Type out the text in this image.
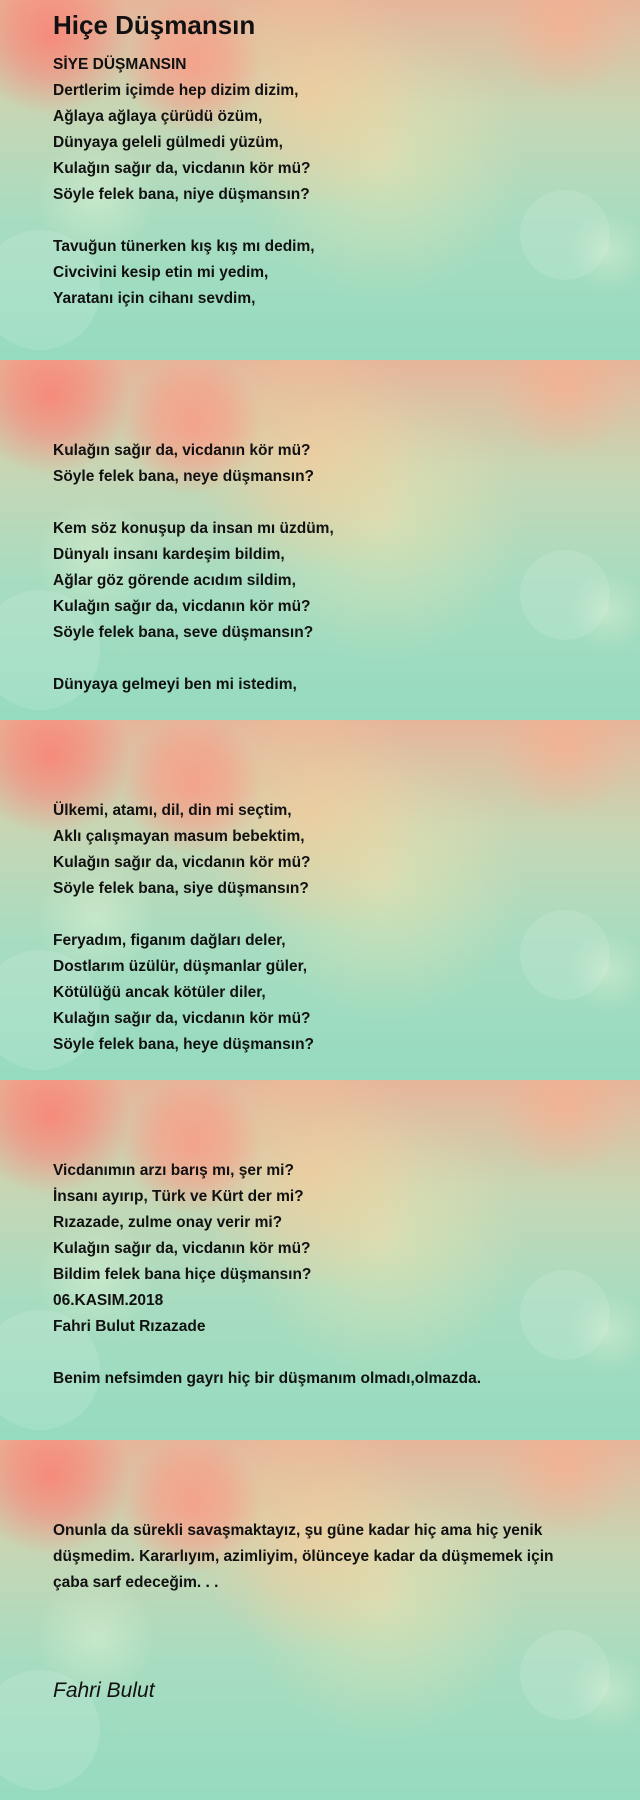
Hiçe Düşmansın
SİYE DÜŞMANSIN
Dertlerim içimde hep dizim dizim,
Ağlaya ağlaya çürüdü özüm,
Dünyaya geleli gülmedi yüzüm,
Kulağın sağır da, vicdanın kör mü?
Söyle felek bana, niye düşmansın?
Tavuğun tünerken kış kış mı dedim,
Civcivini kesip etin mi yedim,
Yaratanı için cihanı sevdim,
Kulağın sağır da, vicdanın kör mü?
Söyle felek bana, neye düşmansın?
Kem söz konuşup da insan mı üzdüm,
Dünyalı insanı kardeşim bildim,
Ağlar göz görende acıdım sildim,
Kulağın sağır da, vicdanın kör mü?
Söyle felek bana, seve düşmansın?
Dünyaya gelmeyi ben mi istedim,
Ülkemi, atamı, dil, din mi seçtim,
Aklı çalışmayan masum bebektim,
Kulağın sağır da, vicdanın kör mü?
Söyle felek bana, siye düşmansın?
Feryadım, figanım dağları deler,
Dostlarım üzülür, düşmanlar güler,
Kötülüğü ancak kötüler diler,
Kulağın sağır da, vicdanın kör mü?
Söyle felek bana, heye düşmansın?
Vicdanımın arzı barış mı, şer mi?
İnsanı ayırıp, Türk ve Kürt der mi?
Rızazade, zulme onay verir mi?
Kulağın sağır da, vicdanın kör mü?
Bildim felek bana hiçe düşmansın?
06.KASIM.2018
Fahri Bulut Rızazade
Benim nefsimden gayrı hiç bir düşmanım olmadı,olmazda.
Onunla da sürekli savaşmaktayız, şu güne kadar hiç ama hiç yenik düşmedim. Kararlıyım, azimliyim, ölünceye kadar da düşmemek için çaba sarf edeceğim. . .
Fahri Bulut
